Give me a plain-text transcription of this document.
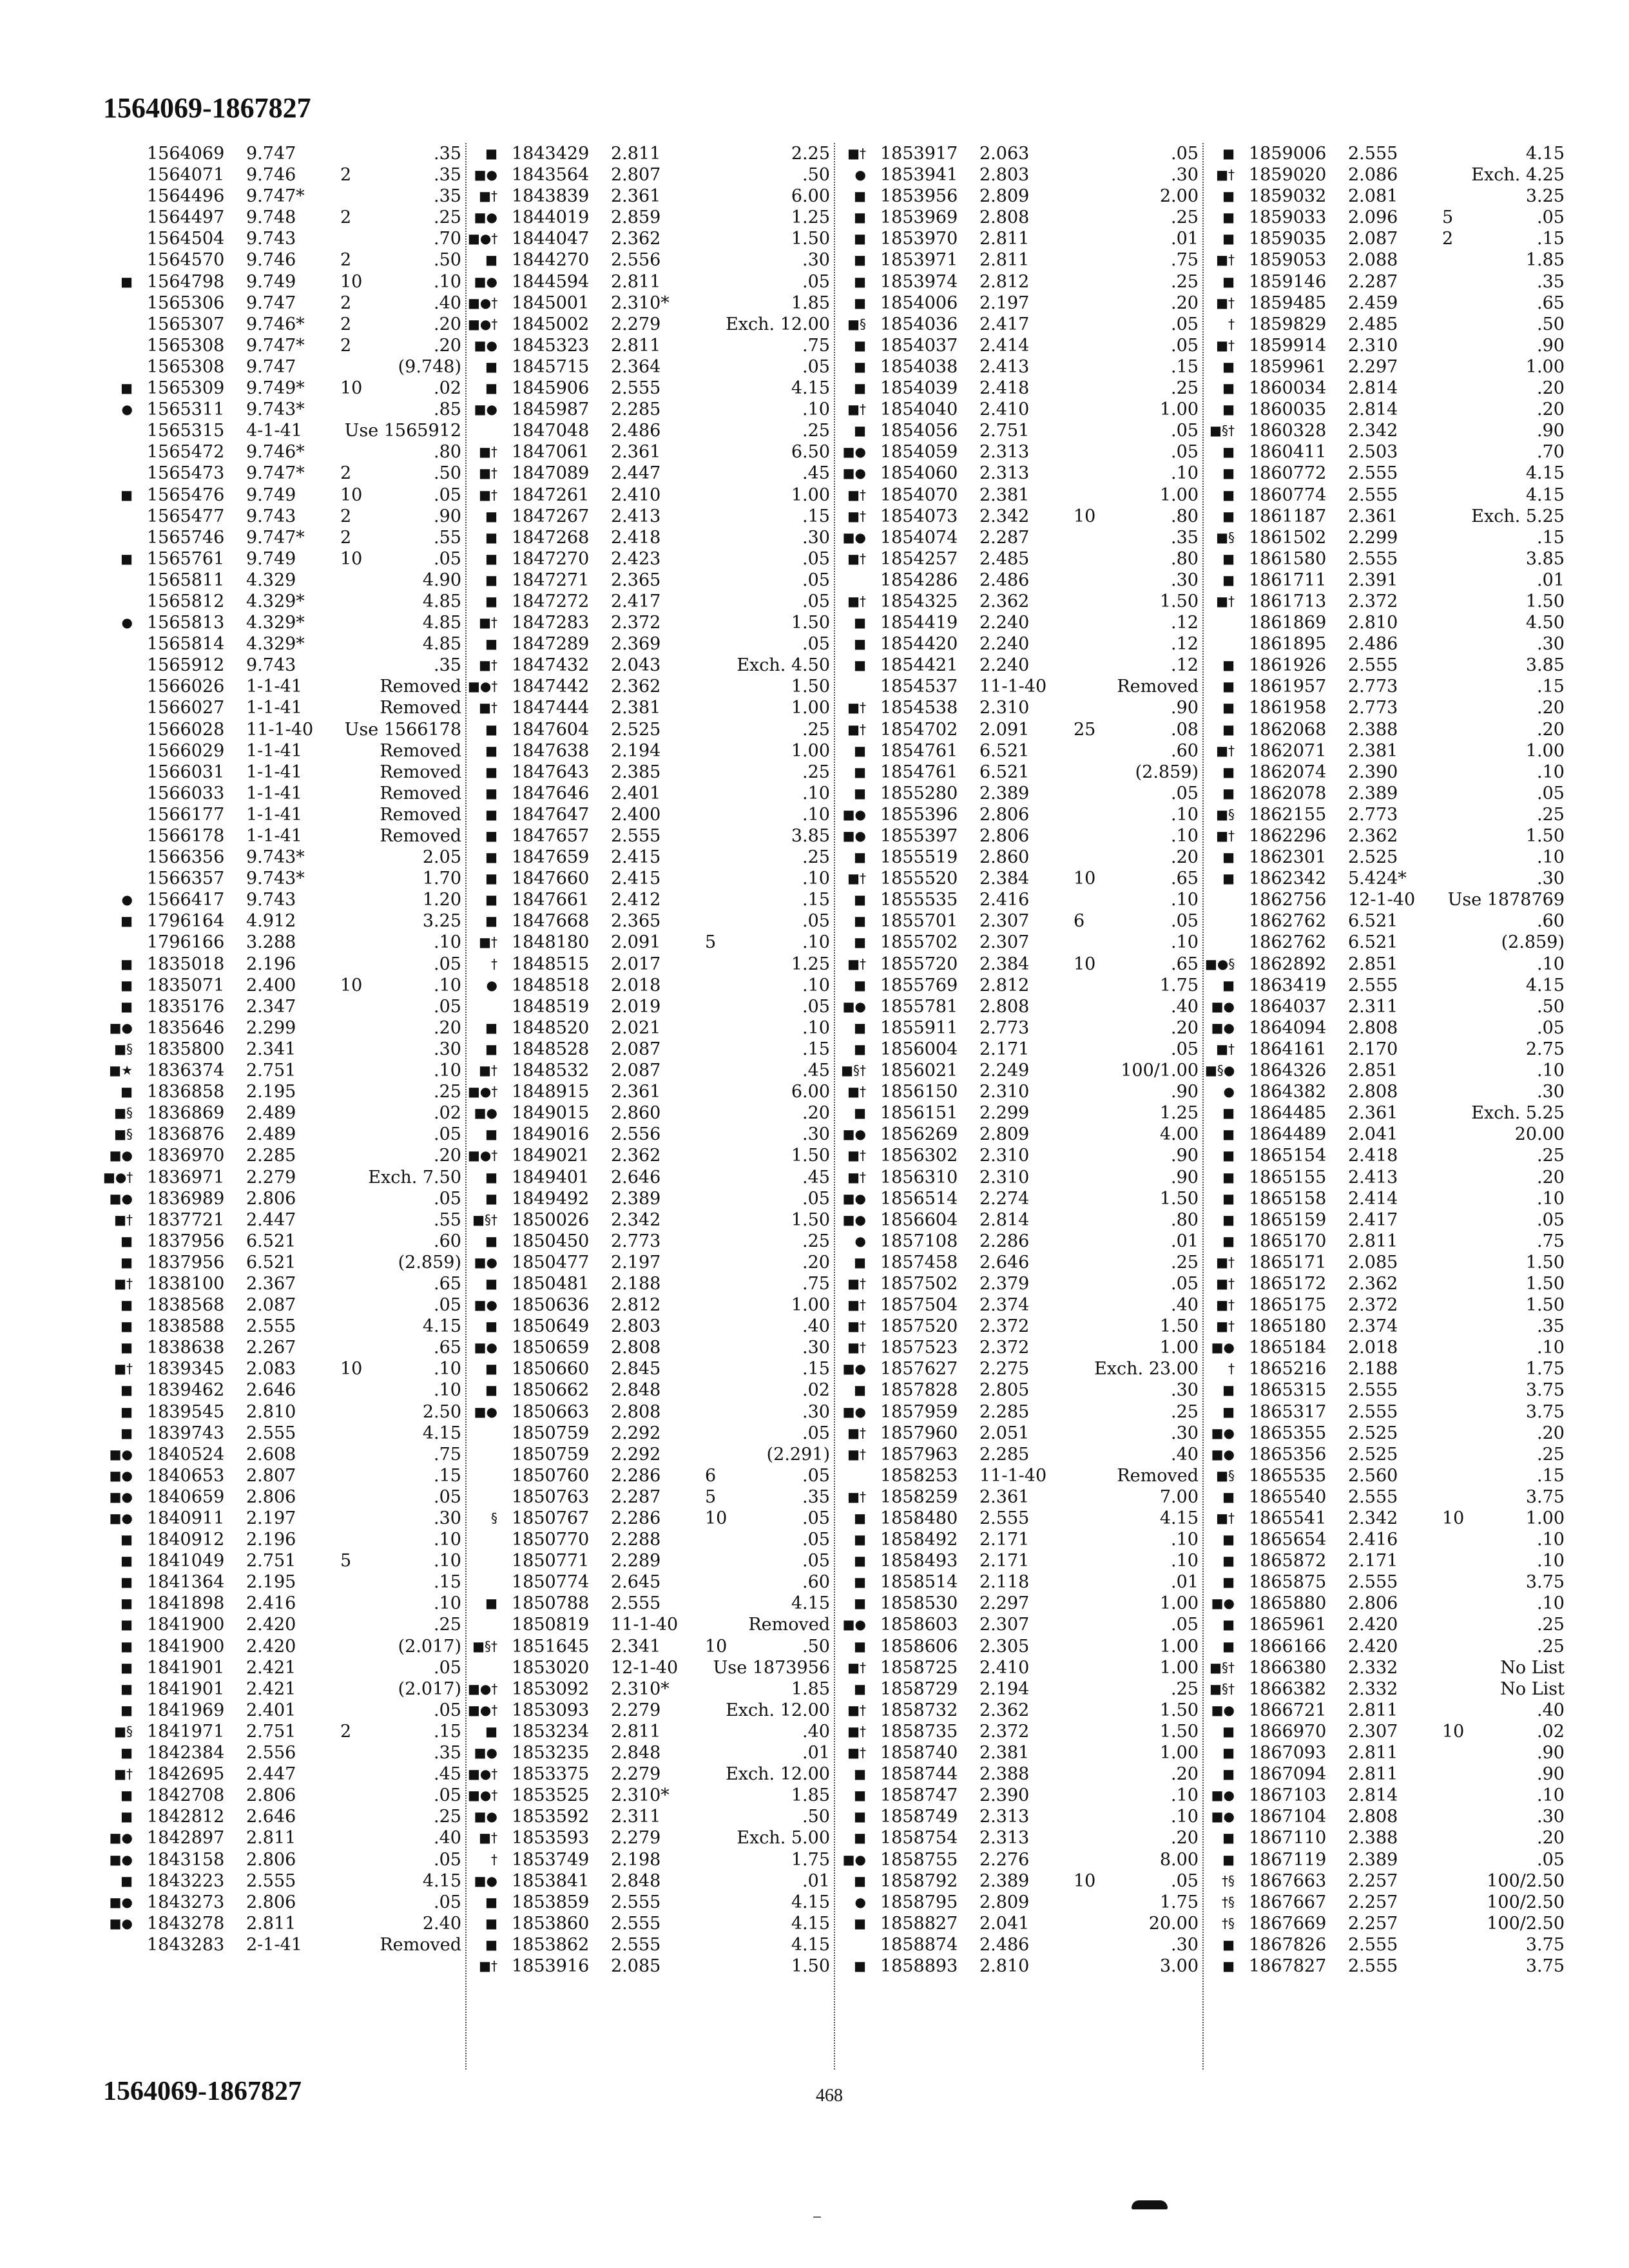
1564069-1867827
1564069 9.747	.35
1564071 9.746	2	.35
1564496 9.747*	.35
1564497 9.748	2	.25
1564504 9.743	.70
1564570 9.746	2	.50
■ 1564798 9.749	10	.10
1565306 9.747	2	.40
1565307 9.746* 2	.20
1565308 9.747* 2	.20
1565308 9.747	(9.748)
■ 1565309 9.749* 10	.02
● 1565311 9.743*	.85
1565315 4-1-41 Use 1565912
1565472 9.746*	.80
1565473 9.747* 2	.50
■ 1565476 9.749	10	.05
1565477 9.743	2	.90
1565746 9.747* 2	.55
■ 1565761 9.749	10	.05
1565811 4.329	4.90
1565812 4.329*	4.85
● 1565813 4.329*	4.85
1565814 4.329*	4.85
1565912 9.743	.35
1566026 1-1-41	Removed
1566027 1-1-41	Removed
1566028 11-1-40 Use 1566178
1566029 1-1-41	Removed
1566031 1-1-41	Removed
1566033 1-1-41	Removed
1566177 1-1-41	Removed
1566178 1-1-41	Removed
1566356 9.743*	2.05
1566357 9.743*	1.70
● 1566417 9.743	1.20
■ 1796164 4.912	3.25
1796166 3.288	.10
■ 1835018 2.196	.05
■ 1835071 2.400	10	.10
■ 1835176 2.347	.05
■● 1835646 2.299	.20
■§ 1835800 2.341	.30
■★ 1836374 2.751	.10
■ 1836858 2.195	.25
■§ 1836869 2.489	.02
■§ 1836876 2.489	.05
■● 1836970 2.285	.20
■●† 1836971 2.279	Exch. 7.50
■● 1836989 2.806	.05
■† 1837721 2.447	.55
■ 1837956 6.521	.60
■ 1837956 6.521	(2.859)
■† 1838100 2.367	.65
■ 1838568 2.087	.05
■ 1838588 2.555	4.15
■ 1838638 2.267	.65
■† 1839345 2.083	10	.10
■ 1839462 2.646	.10
■ 1839545 2.810	2.50
■ 1839743 2.555	4.15
■● 1840524 2.608	.75
■● 1840653 2.807	.15
■● 1840659 2.806	.05
■● 1840911 2.197	.30
■ 1840912 2.196	.10
■ 1841049 2.751	5	.10
■ 1841364 2.195	.15
■ 1841898 2.416	.10
■ 1841900 2.420	.25
■ 1841900 2.420	(2.017)
■ 1841901 2.421	.05
■ 1841901 2.421	(2.017)
■ 1841969 2.401	.05
■§ 1841971 2.751	2	.15
■ 1842384 2.556	.35
■† 1842695 2.447	.45
■ 1842708 2.806	.05
■ 1842812 2.646	.25
■● 1842897 2.811	.40
■● 1843158 2.806	.05
■ 1843223 2.555	4.15
■● 1843273 2.806	.05
■● 1843278 2.811	2.40
1843283 2-1-41	Removed
■ 1843429 2.811	2.25
■● 1843564 2.807	.50
■† 1843839 2.361	6.00
■● 1844019 2.859	1.25
■●† 1844047 2.362	1.50
■ 1844270 2.556	.30
■● 1844594 2.811	.05
■●† 1845001 2.310*	1.85
■●† 1845002 2.279	Exch. 12.00
■● 1845323 2.811	.75
■ 1845715 2.364	.05
■ 1845906 2.555	4.15
■● 1845987 2.285	.10
1847048 2.486	.25
■† 1847061 2.361	6.50
■† 1847089 2.447	.45
■† 1847261 2.410	1.00
■ 1847267 2.413	.15
■ 1847268 2.418	.30
■ 1847270 2.423	.05
■ 1847271 2.365	.05
■ 1847272 2.417	.05
■† 1847283 2.372	1.50
■ 1847289 2.369	.05
■† 1847432 2.043	Exch. 4.50
■●† 1847442 2.362	1.50
■† 1847444 2.381	1.00
■ 1847604 2.525	.25
■ 1847638 2.194	1.00
■ 1847643 2.385	.25
■ 1847646 2.401	.10
■ 1847647 2.400	.10
■ 1847657 2.555	3.85
■ 1847659 2.415	.25
■ 1847660 2.415	.10
■ 1847661 2.412	.15
■ 1847668 2.365	.05
■† 1848180 2.091	5	.10
† 1848515 2.017	1.25
● 1848518 2.018	.10
1848519 2.019	.05
■ 1848520 2.021	.10
■ 1848528 2.087	.15
■† 1848532 2.087	.45
■●† 1848915 2.361	6.00
■● 1849015 2.860	.20
■ 1849016 2.556	.30
■●† 1849021 2.362	1.50
■ 1849401 2.646	.45
■ 1849492 2.389	.05
■§† 1850026 2.342	1.50
■ 1850450 2.773	.25
■● 1850477 2.197	.20
■ 1850481 2.188	.75
■● 1850636 2.812	1.00
■ 1850649 2.803	.40
■● 1850659 2.808	.30
■ 1850660 2.845	.15
■ 1850662 2.848	.02
■● 1850663 2.808	.30
1850759 2.292	.05
1850759 2.292	(2.291)
1850760 2.286	6	.05
1850763 2.287	5	.35
§ 1850767 2.286	10	.05
1850770 2.288	.05
1850771 2.289	.05
1850774 2.645	.60
■ 1850788 2.555	4.15
1850819 11-1-40	Removed
■§† 1851645 2.341	10	.50
1853020 12-1-40 Use 1873956
■●† 1853092 2.310*	1.85
■●† 1853093 2.279	Exch. 12.00
■ 1853234 2.811	.40
■● 1853235 2.848	.01
■●† 1853375 2.279	Exch. 12.00
■●† 1853525 2.310*	1.85
■● 1853592 2.311	.50
■† 1853593 2.279	Exch. 5.00
† 1853749 2.198	1.75
■● 1853841 2.848	.01
■ 1853859 2.555	4.15
■ 1853860 2.555	4.15
■ 1853862 2.555	4.15
■† 1853916 2.085	1.50
■† 1853917 2.063	.05
● 1853941 2.803	.30
■ 1853956 2.809	2.00
■ 1853969 2.808	.25
■ 1853970 2.811	.01
■ 1853971 2.811	.75
■ 1853974 2.812	.25
■ 1854006 2.197	.20
■§ 1854036 2.417	.05
■ 1854037 2.414	.05
■ 1854038 2.413	.15
■ 1854039 2.418	.25
■† 1854040 2.410	1.00
■ 1854056 2.751	.05
■● 1854059 2.313	.05
■● 1854060 2.313	.10
■† 1854070 2.381	1.00
■† 1854073 2.342	10	.80
■● 1854074 2.287	.35
■† 1854257 2.485	.80
1854286 2.486	.30
■† 1854325 2.362	1.50
■ 1854419 2.240	.12
■ 1854420 2.240	.12
■ 1854421 2.240	.12
1854537 11-1-40	Removed
■† 1854538 2.310	.90
■† 1854702 2.091	25	.08
■ 1854761 6.521	.60
■ 1854761 6.521	(2.859)
■ 1855280 2.389	.05
■● 1855396 2.806	.10
■● 1855397 2.806	.10
■ 1855519 2.860	.20
■† 1855520 2.384	10	.65
■ 1855535 2.416	.10
■ 1855701 2.307	6	.05
■ 1855702 2.307	.10
■† 1855720 2.384	10	.65
■ 1855769 2.812	1.75
■● 1855781 2.808	.40
■ 1855911 2.773	.20
■ 1856004 2.171	.05
■§† 1856021 2.249	100/1.00
■† 1856150 2.310	.90
■ 1856151 2.299	1.25
■● 1856269 2.809	4.00
■† 1856302 2.310	.90
■† 1856310 2.310	.90
■● 1856514 2.274	1.50
■● 1856604 2.814	.80
● 1857108 2.286	.01
■ 1857458 2.646	.25
■† 1857502 2.379	.05
■† 1857504 2.374	.40
■† 1857520 2.372	1.50
■† 1857523 2.372	1.00
■● 1857627 2.275	Exch. 23.00
■ 1857828 2.805	.30
■● 1857959 2.285	.25
■† 1857960 2.051	.30
■† 1857963 2.285	.40
1858253 11-1-40	Removed
■† 1858259 2.361	7.00
■ 1858480 2.555	4.15
■ 1858492 2.171	.10
■ 1858493 2.171	.10
■ 1858514 2.118	.01
■ 1858530 2.297	1.00
■● 1858603 2.307	.05
■ 1858606 2.305	1.00
■† 1858725 2.410	1.00
■ 1858729 2.194	.25
■† 1858732 2.362	1.50
■† 1858735 2.372	1.50
■† 1858740 2.381	1.00
■ 1858744 2.388	.20
■ 1858747 2.390	.10
■ 1858749 2.313	.10
■ 1858754 2.313	.20
■● 1858755 2.276	8.00
■ 1858792 2.389	10	.05
● 1858795 2.809	1.75
■ 1858827 2.041	20.00
1858874 2.486	.30
■ 1858893 2.810	3.00
■ 1859006 2.555	4.15
■† 1859020 2.086	Exch. 4.25
■ 1859032 2.081	3.25
■ 1859033 2.096	5	.05
■ 1859035 2.087	2	.15
■† 1859053 2.088	1.85
■ 1859146 2.287	.35
■† 1859485 2.459	.65
† 1859829 2.485	.50
■† 1859914 2.310	.90
■ 1859961 2.297	1.00
■ 1860034 2.814	.20
■ 1860035 2.814	.20
■§† 1860328 2.342	.90
■ 1860411 2.503	.70
■ 1860772 2.555	4.15
■ 1860774 2.555	4.15
■ 1861187 2.361	Exch. 5.25
■§ 1861502 2.299	.15
■ 1861580 2.555	3.85
■ 1861711 2.391	.01
■† 1861713 2.372	1.50
1861869 2.810	4.50
1861895 2.486	.30
■ 1861926 2.555	3.85
■ 1861957 2.773	.15
■ 1861958 2.773	.20
■ 1862068 2.388	.20
■† 1862071 2.381	1.00
■ 1862074 2.390	.10
■ 1862078 2.389	.05
■§ 1862155 2.773	.25
■† 1862296 2.362	1.50
■ 1862301 2.525	.10
■ 1862342 5.424*	.30
1862756 12-1-40 Use 1878769
1862762 6.521	.60
1862762 6.521	(2.859)
■●§ 1862892 2.851	.10
■ 1863419 2.555	4.15
■● 1864037 2.311	.50
■● 1864094 2.808	.05
■† 1864161 2.170	2.75
■§● 1864326 2.851	.10
● 1864382 2.808	.30
■ 1864485 2.361	Exch. 5.25
■ 1864489 2.041	20.00
■ 1865154 2.418	.25
■ 1865155 2.413	.20
■ 1865158 2.414	.10
■ 1865159 2.417	.05
■ 1865170 2.811	.75
■† 1865171 2.085	1.50
■† 1865172 2.362	1.50
■† 1865175 2.372	1.50
■† 1865180 2.374	.35
■● 1865184 2.018	.10
† 1865216 2.188	1.75
■ 1865315 2.555	3.75
■ 1865317 2.555	3.75
■● 1865355 2.525	.20
■● 1865356 2.525	.25
■§ 1865535 2.560	.15
■ 1865540 2.555	3.75
■† 1865541 2.342	10	1.00
■ 1865654 2.416	.10
■ 1865872 2.171	.10
■ 1865875 2.555	3.75
■● 1865880 2.806	.10
■ 1865961 2.420	.25
■ 1866166 2.420	.25
■§† 1866380 2.332	No List
■§† 1866382 2.332	No List
■● 1866721 2.811	.40
■ 1866970 2.307	10	.02
■ 1867093 2.811	.90
■ 1867094 2.811	.90
■● 1867103 2.814	.10
■● 1867104 2.808	.30
■ 1867110 2.388	.20
■ 1867119 2.389	.05
†§ 1867663 2.257	100/2.50
†§ 1867667 2.257	100/2.50
†§ 1867669 2.257	100/2.50
■ 1867826 2.555	3.75
■ 1867827 2.555	3.75
1564069-1867827	468
